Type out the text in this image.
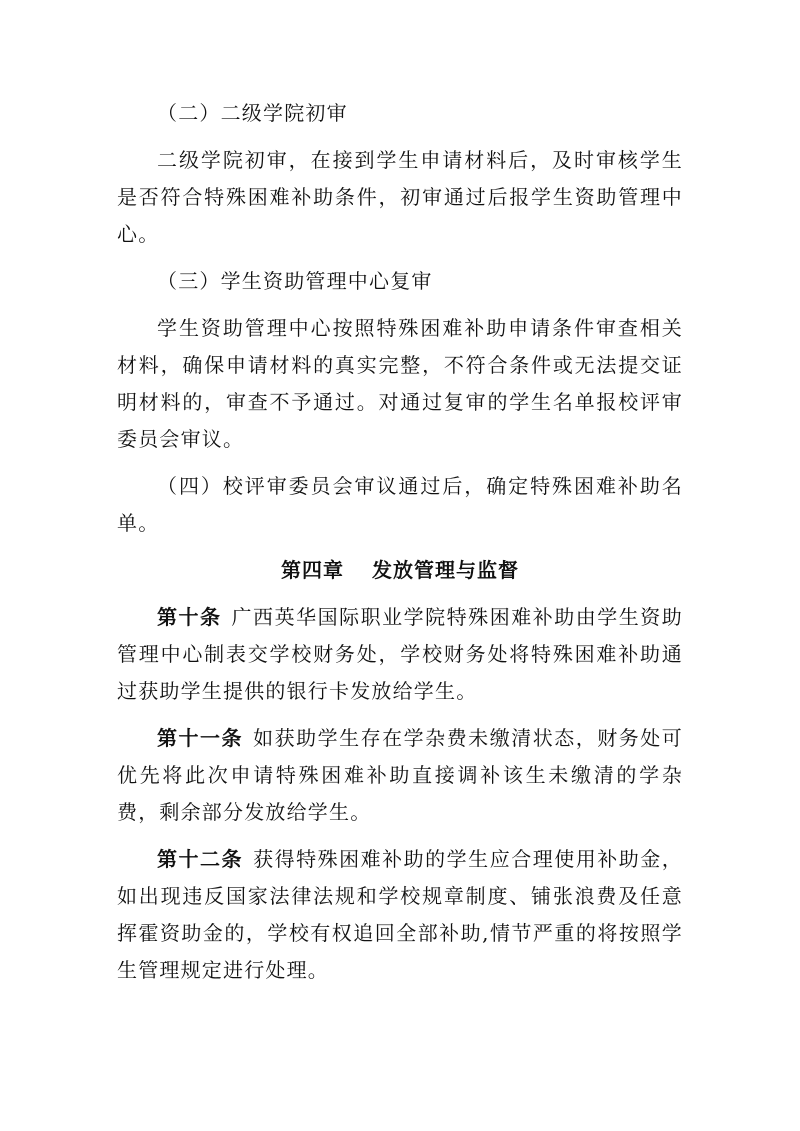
（二）二级学院初审

二级学院初审，在接到学生申请材料后，及时审核学生是否符合特殊困难补助条件，初审通过后报学生资助管理中心。

（三）学生资助管理中心复审

学生资助管理中心按照特殊困难补助申请条件审查相关材料，确保申请材料的真实完整，不符合条件或无法提交证明材料的，审查不予通过。对通过复审的学生名单报校评审委员会审议。

（四）校评审委员会审议通过后，确定特殊困难补助名单。

第四章 发放管理与监督

第十条 广西英华国际职业学院特殊困难补助由学生资助管理中心制表交学校财务处，学校财务处将特殊困难补助通过获助学生提供的银行卡发放给学生。

第十一条 如获助学生存在学杂费未缴清状态，财务处可优先将此次申请特殊困难补助直接调补该生未缴清的学杂费，剩余部分发放给学生。

第十二条 获得特殊困难补助的学生应合理使用补助金，如出现违反国家法律法规和学校规章制度、铺张浪费及任意挥霍资助金的，学校有权追回全部补助,情节严重的将按照学生管理规定进行处理。
